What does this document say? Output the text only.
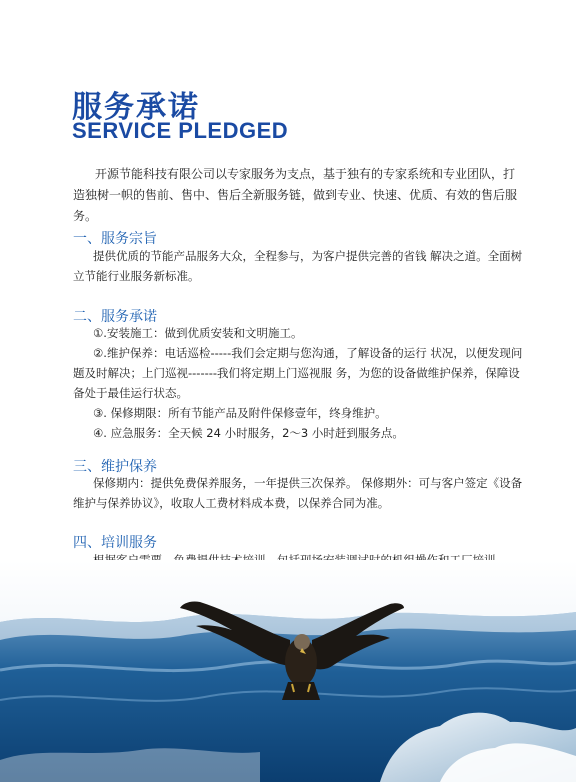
服务承诺
SERVICE PLEDGED
开源节能科技有限公司以专家服务为支点，基于独有的专家系统和专业团队，打造独树一帜的售前、售中、售后全新服务链，做到专业、快速、优质、有效的售后服务。
一、服务宗旨

提供优质的节能产品服务大众，全程参与，为客户提供完善的省钱 解决之道。全面树立节能行业服务新标准。

二、服务承诺

①.安装施工：做到优质安装和文明施工。

②.维护保养：电话巡检-----我们会定期与您沟通，了解设备的运行 状况，以便发现问题及时解决；上门巡视-------我们将定期上门巡视服 务，为您的设备做维护保养，保障设备处于最佳运行状态。

③. 保修期限：所有节能产品及附件保修壹年，终身维护。

④. 应急服务：全天候 24 小时服务，2～3 小时赶到服务点。

三、维护保养

保修期内：提供免费保养服务，一年提供三次保养。 保修期外：可与客户签定《设备维护与保养协议》，收取人工费材料成本费，以保养合同为准。

四、培训服务
